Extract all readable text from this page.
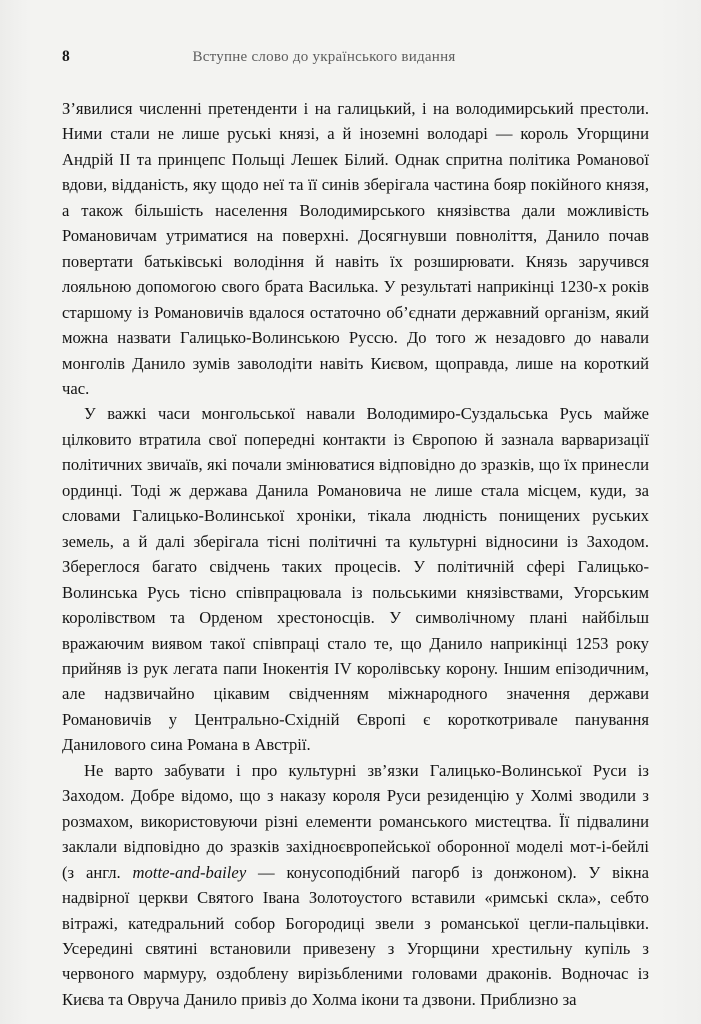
8	Вступне слово до українського видання

З’явилися численні претенденти і на галицький, і на володимирський престоли. Ними стали не лише руські князі, а й іноземні володарі — король Угорщини Андрій II та принцепс Польщі Лешек Білий. Однак спритна політика Романової вдови, відданість, яку щодо неї та її синів зберігала частина бояр покійного князя, а також більшість населення Володимирського князівства дали можливість Романовичам утриматися на поверхні. Досягнувши повноліття, Данило почав повертати батьківські володіння й навіть їх розширювати. Князь заручився лояльною допомогою свого брата Василька. У результаті наприкінці 1230-х років старшому із Романовичів вдалося остаточно об’єднати державний організм, який можна назвати Галицько-Волинською Руссю. До того ж незадовго до навали монголів Данило зумів заволодіти навіть Києвом, щоправда, лише на короткий час.

У важкі часи монгольської навали Володимиро-Суздальська Русь майже цілковито втратила свої попередні контакти із Європою й зазнала варваризації політичних звичаїв, які почали змінюватися відповідно до зразків, що їх принесли ординці. Тоді ж держава Данила Романовича не лише стала місцем, куди, за словами Галицько-Волинської хроніки, тікала людність понищених руських земель, а й далі зберігала тісні політичні та культурні відносини із Заходом. Збереглося багато свідчень таких процесів. У політичній сфері Галицько-Волинська Русь тісно співпрацювала із польськими князівствами, Угорським королівством та Орденом хрестоносців. У символічному плані найбільш вражаючим виявом такої співпраці стало те, що Данило наприкінці 1253 року прийняв із рук легата папи Інокентія IV королівську корону. Іншим епізодичним, але надзвичайно цікавим свідченням міжнародного значення держави Романовичів у Центрально-Східній Європі є короткотривале панування Данилового сина Романа в Австрії.

Не варто забувати і про культурні зв’язки Галицько-Волинської Руси із Заходом. Добре відомо, що з наказу короля Руси резиденцію у Холмі зводили з розмахом, використовуючи різні елементи романського мистецтва. Її підвалини заклали відповідно до зразків західноєвропейської оборонної моделі мот-і-бейлі (з англ. motte-and-bailey — конусоподібний пагорб із донжоном). У вікна надвірної церкви Святого Івана Золотоустого вставили «римські скла», себто вітражі, катедральний собор Богородиці звели з романської цегли-пальцівки. Усередині святині встановили привезену з Угорщини хрестильну купіль з червоного мармуру, оздоблену вирізьбленими головами драконів. Водночас із Києва та Овруча Данило привіз до Холма ікони та дзвони. Приблизно за
